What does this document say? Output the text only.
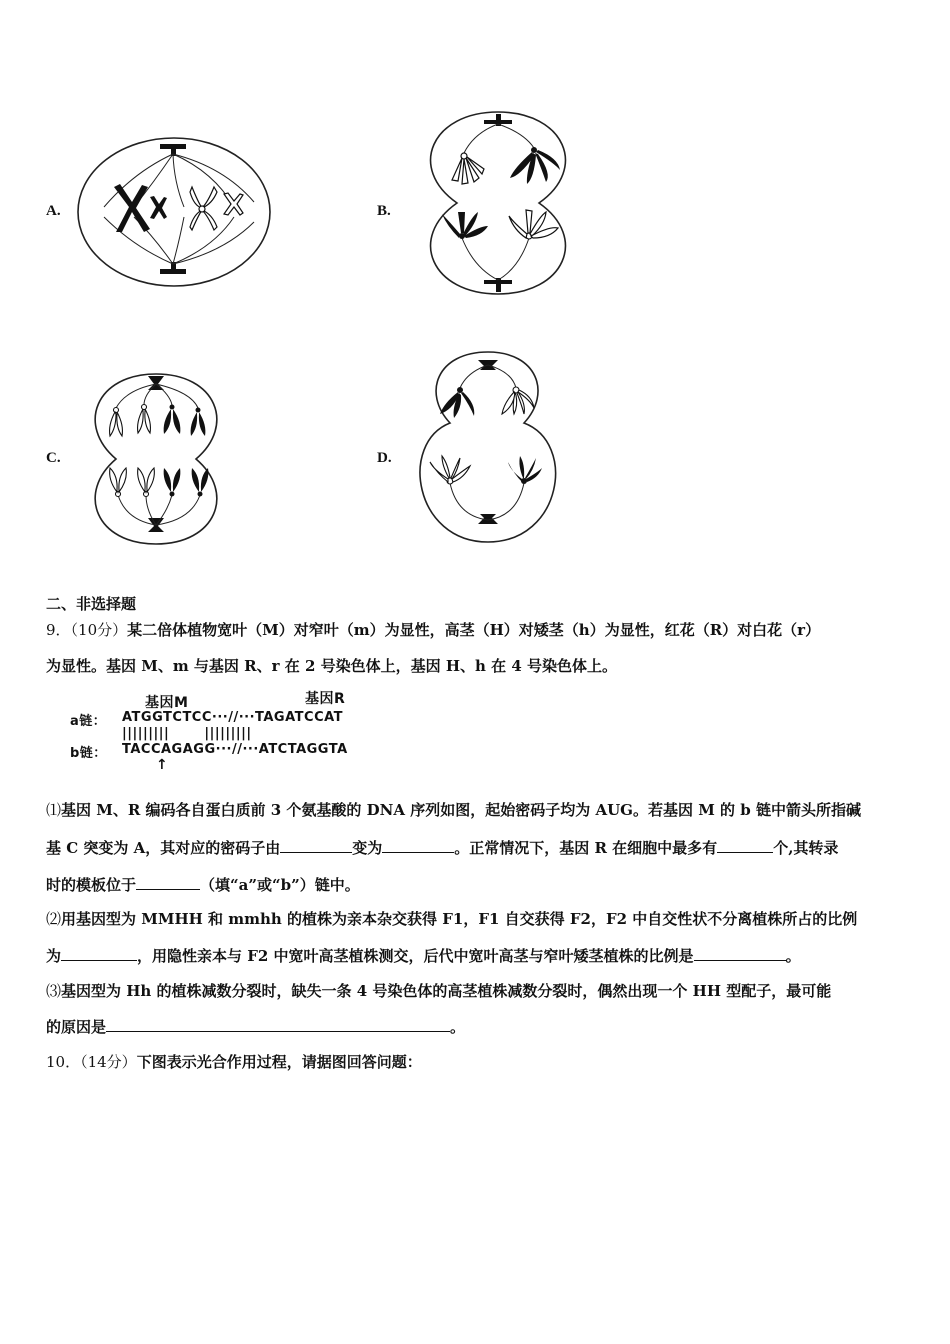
A.	B.
C.	D.
二、非选择题
9．（10分）某二倍体植物宽叶（M）对窄叶（m）为显性，高茎（H）对矮茎（h）为显性，红花（R）对白花（r）
为显性。基因 M、m 与基因 R、r 在 2 号染色体上，基因 H、h 在 4 号染色体上。
基因M	基因R
a链： ATGGTCTCC···//···TAGATCCAT
|||||||||       |||||||||
b链： TACCAGAGG···//···ATCTAGGTA
↑
⑴基因 M、R 编码各自蛋白质前 3 个氨基酸的 DNA 序列如图，起始密码子均为 AUG。若基因 M 的 b 链中箭头所指碱
基 C 突变为 A，其对应的密码子由	变为	。正常情况下，基因 R 在细胞中最多有	个,其转录
时的模板位于	（填“a”或“b”）链中。
⑵用基因型为 MMHH 和 mmhh 的植株为亲本杂交获得 F1，F1 自交获得 F2，F2 中自交性状不分离植株所占的比例
为	，用隐性亲本与 F2 中宽叶高茎植株测交，后代中宽叶高茎与窄叶矮茎植株的比例是	。
⑶基因型为 Hh 的植株减数分裂时，缺失一条 4 号染色体的高茎植株减数分裂时，偶然出现一个 HH 型配子，最可能
的原因是	。
10．（14分）下图表示光合作用过程，请据图回答问题：
